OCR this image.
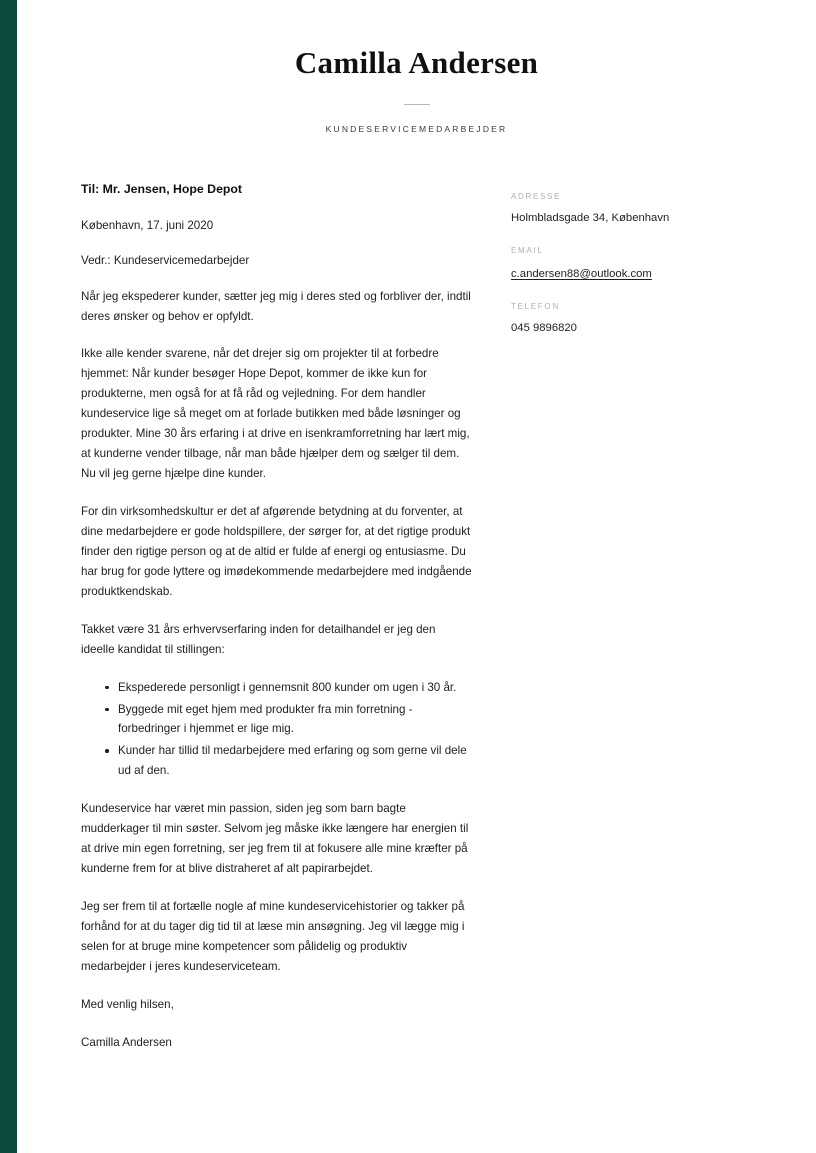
Camilla Andersen
KUNDESERVICEMEDARBEJDER
Til: Mr. Jensen, Hope Depot
København, 17. juni 2020
Vedr.: Kundeservicemedarbejder

Når jeg ekspederer kunder, sætter jeg mig i deres sted og forbliver der, indtil deres ønsker og behov er opfyldt.

Ikke alle kender svarene, når det drejer sig om projekter til at forbedre hjemmet: Når kunder besøger Hope Depot, kommer de ikke kun for produkterne, men også for at få råd og vejledning. For dem handler kundeservice lige så meget om at forlade butikken med både løsninger og produkter. Mine 30 års erfaring i at drive en isenkramforretning har lært mig, at kunderne vender tilbage, når man både hjælper dem og sælger til dem. Nu vil jeg gerne hjælpe dine kunder.

For din virksomhedskultur er det af afgørende betydning at du forventer, at dine medarbejdere er gode holdspillere, der sørger for, at det rigtige produkt finder den rigtige person og at de altid er fulde af energi og entusiasme. Du har brug for gode lyttere og imødekommende medarbejdere med indgående produktkendskab.

Takket være 31 års erhvervserfaring inden for detailhandel er jeg den ideelle kandidat til stillingen:

Ekspederede personligt i gennemsnit 800 kunder om ugen i 30 år.
Byggede mit eget hjem med produkter fra min forretning - forbedringer i hjemmet er lige mig.
Kunder har tillid til medarbejdere med erfaring og som gerne vil dele ud af den.

Kundeservice har været min passion, siden jeg som barn bagte mudderkager til min søster. Selvom jeg måske ikke længere har energien til at drive min egen forretning, ser jeg frem til at fokusere alle mine kræfter på kunderne frem for at blive distraheret af alt papirarbejdet.

Jeg ser frem til at fortælle nogle af mine kundeservicehistorier og takker på forhånd for at du tager dig tid til at læse min ansøgning. Jeg vil lægge mig i selen for at bruge mine kompetencer som pålidelig og produktiv medarbejder i jeres kundeserviceteam.

Med venlig hilsen,
Camilla Andersen
ADRESSE
Holmbladsgade 34, København
EMAIL
c.andersen88@outlook.com
TELEFON
045 9896820
